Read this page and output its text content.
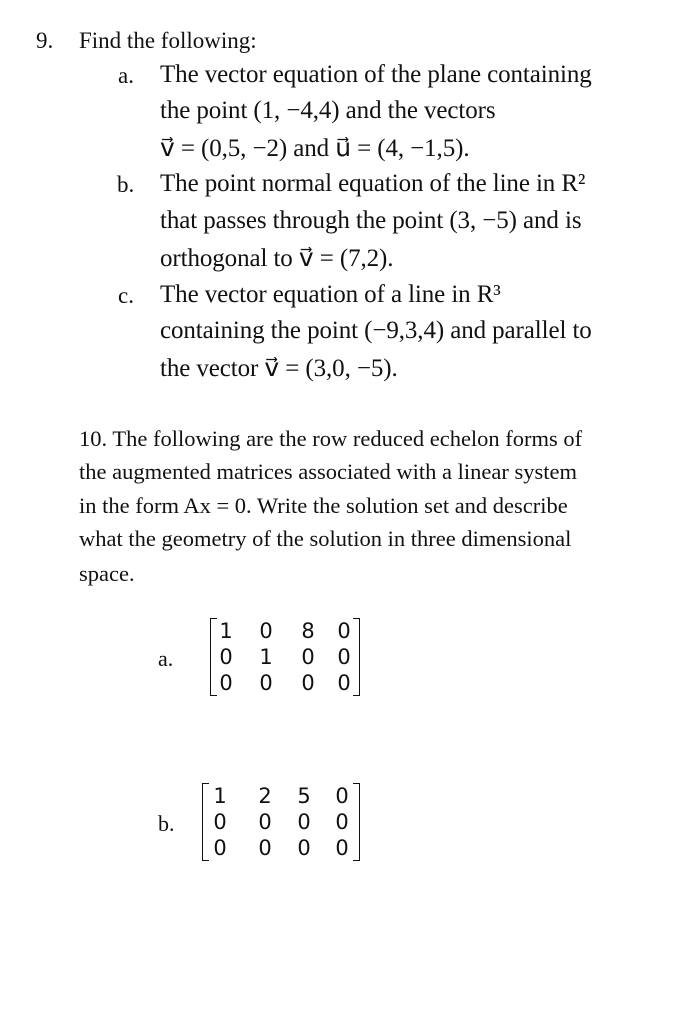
9. Find the following:
a. The vector equation of the plane containing
the point (1, −4,4) and the vectors
v⃗ = (0,5, −2) and u⃗ = (4, −1,5).
b. The point normal equation of the line in R²
that passes through the point (3, −5) and is
orthogonal to v⃗ = (7,2).
c. The vector equation of a line in R³
containing the point (−9,3,4) and parallel to
the vector v⃗ = (3,0, −5).
10. The following are the row reduced echelon forms of
the augmented matrices associated with a linear system
in the form Ax = 0. Write the solution set and describe
what the geometry of the solution in three dimensional
space.
a.
1 0 8 0
0 1 0 0
0 0 0 0
b.
1 2 5 0
0 0 0 0
0 0 0 0
